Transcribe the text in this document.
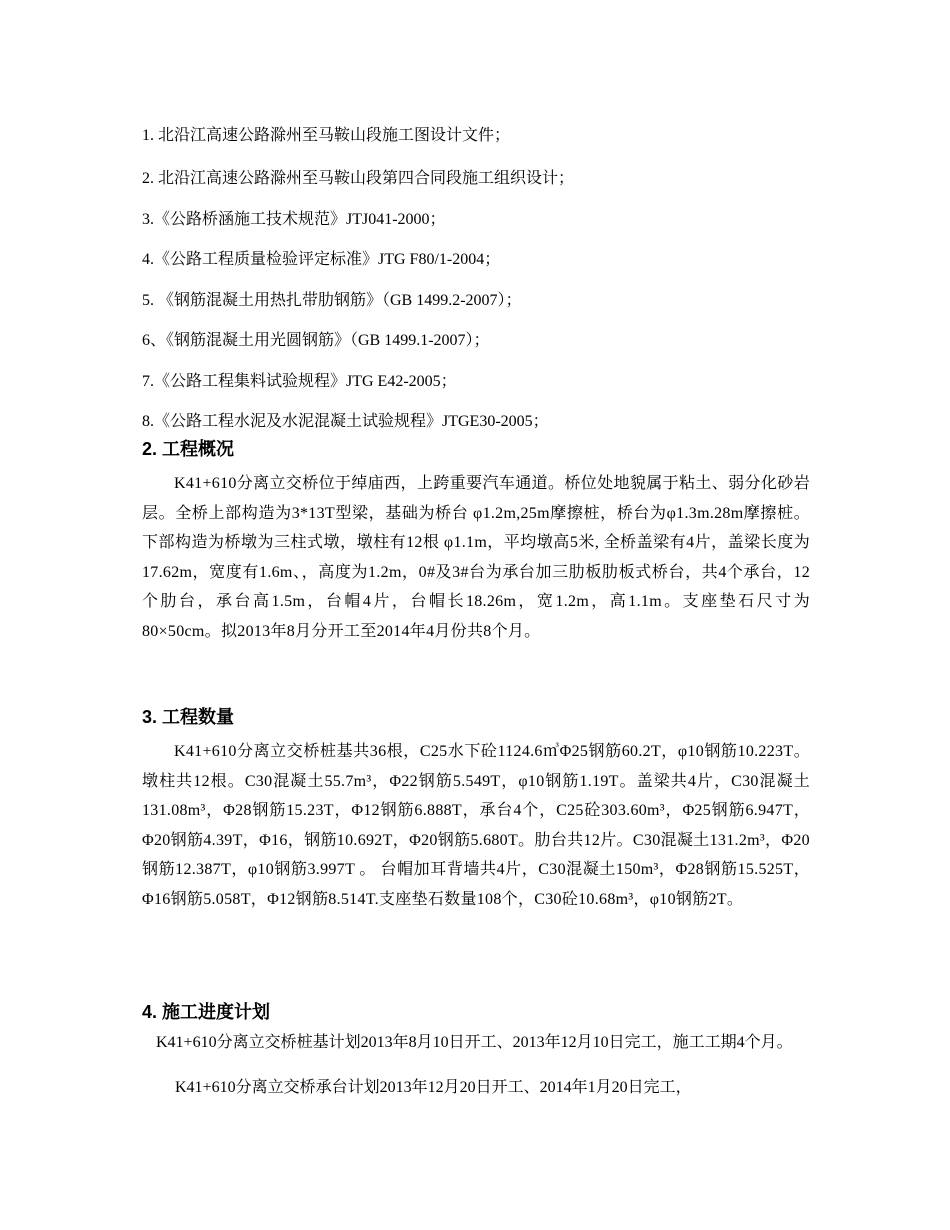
1. 北沿江高速公路滁州至马鞍山段施工图设计文件；
2. 北沿江高速公路滁州至马鞍山段第四合同段施工组织设计；
3.《公路桥涵施工技术规范》JTJ041-2000；
4.《公路工程质量检验评定标准》JTG F80/1-2004；
5. 《钢筋混凝土用热扎带肋钢筋》（GB 1499.2-2007）；
6、《钢筋混凝土用光圆钢筋》（GB 1499.1-2007）；
7.《公路工程集料试验规程》JTG E42-2005；
8.《公路工程水泥及水泥混凝土试验规程》JTGE30-2005；
2. 工程概况

K41+610分离立交桥位于绰庙西，上跨重要汽车通道。桥位处地貌属于粘土、弱分化砂岩层。全桥上部构造为3*13T型梁，基础为桥台 φ1.2m,25m摩擦桩，桥台为φ1.3m.28m摩擦桩。下部构造为桥墩为三柱式墩，墩柱有12根 φ1.1m，平均墩高5米, 全桥盖梁有4片，盖梁长度为17.62m，宽度有1.6m、，高度为1.2m，0#及3#台为承台加三肋板肋板式桥台，共4个承台，12个肋台，承台高1.5m，台帽4片，台帽长18.26m，宽1.2m，高1.1m。支座垫石尺寸为80×50cm。拟2013年8月分开工至2014年4月份共8个月。

3. 工程数量

K41+610分离立交桥桩基共36根，C25水下砼1124.6㎥Φ25钢筋60.2T，φ10钢筋10.223T。墩柱共12根。C30混凝土55.7m³，Φ22钢筋5.549T，φ10钢筋1.19T。盖梁共4片，C30混凝土131.08m³，Φ28钢筋15.23T，Φ12钢筋6.888T，承台4个，C25砼303.60m³，Φ25钢筋6.947T，Φ20钢筋4.39T，Φ16，钢筋10.692T，Φ20钢筋5.680T。肋台共12片。C30混凝土131.2m³，Φ20钢筋12.387T，φ10钢筋3.997T 。 台帽加耳背墙共4片，C30混凝土150m³，Φ28钢筋15.525T，Φ16钢筋5.058T，Φ12钢筋8.514T.支座垫石数量108个，C30砼10.68m³，φ10钢筋2T。

4. 施工进度计划

K41+610分离立交桥桩基计划2013年8月10日开工、2013年12月10日完工，施工工期4个月。

K41+610分离立交桥承台计划2013年12月20日开工、2014年1月20日完工，
